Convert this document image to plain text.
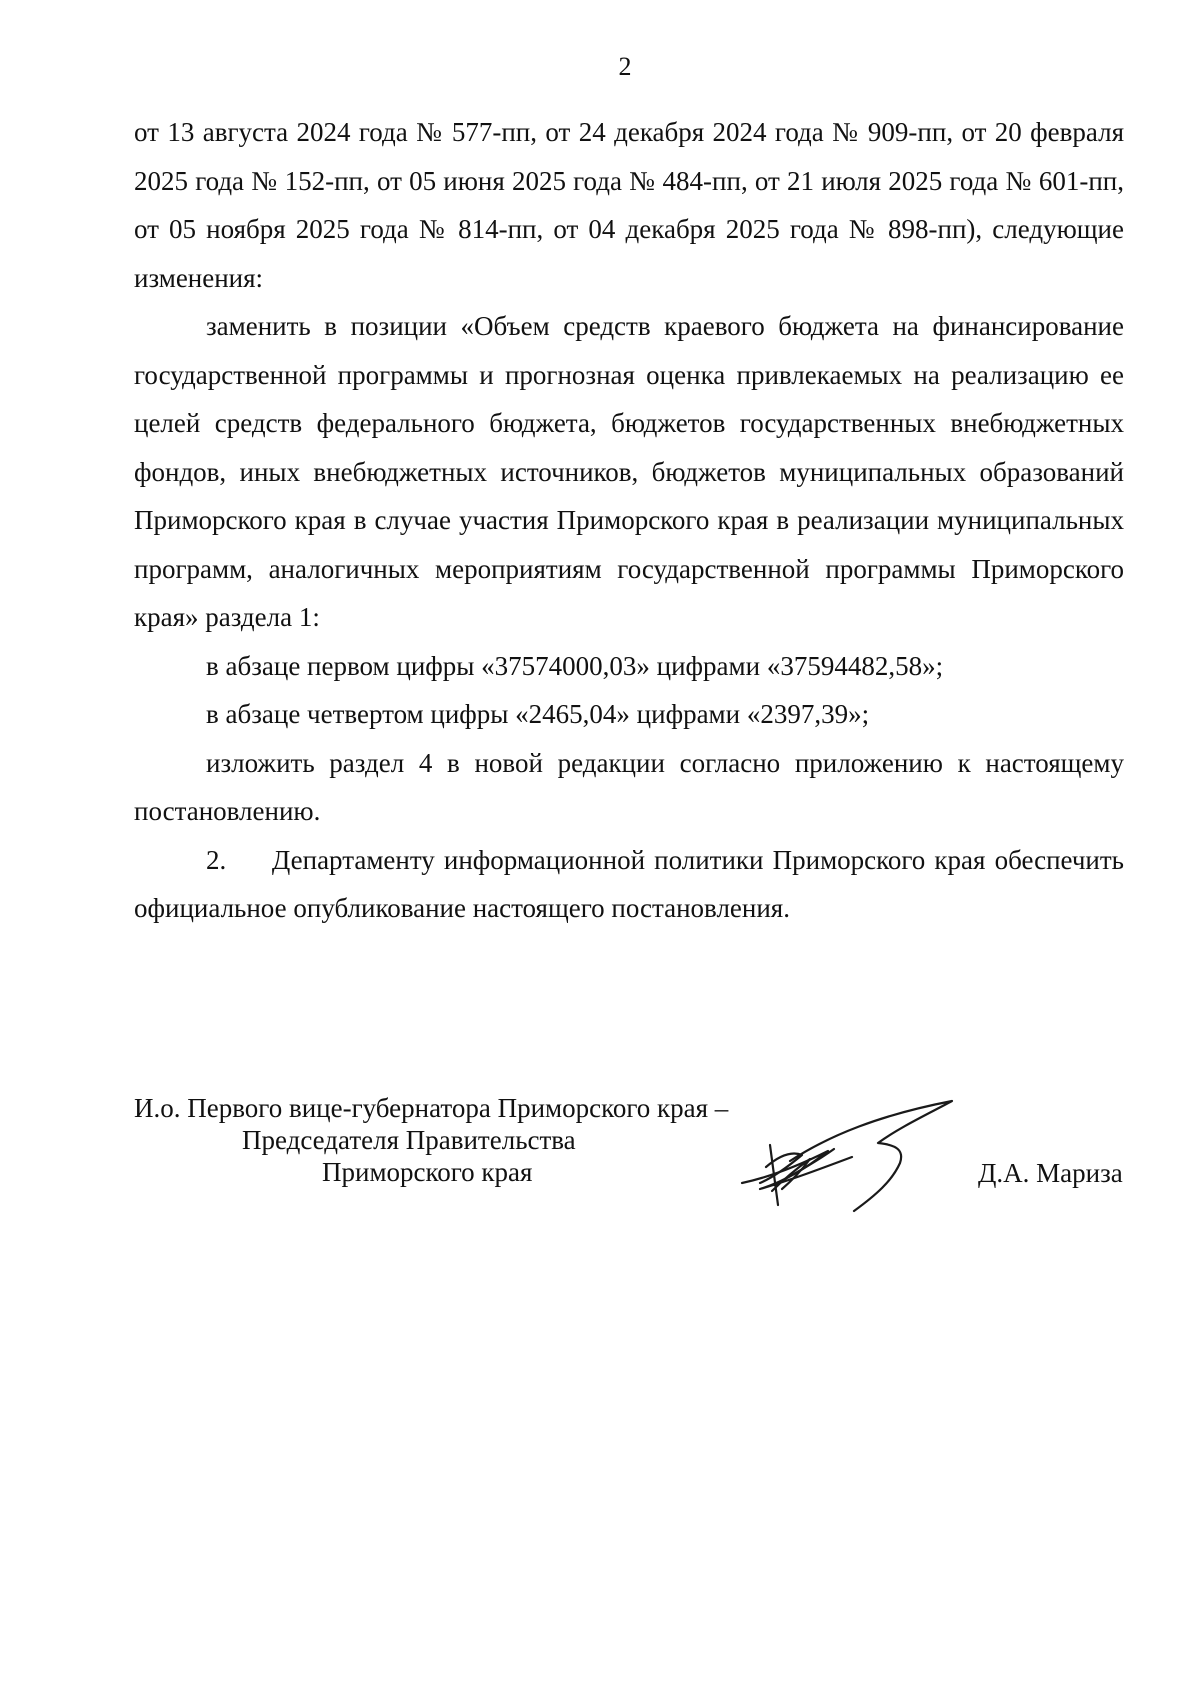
2

от 13 августа 2024 года № 577-пп, от 24 декабря 2024 года № 909-пп, от 20 февраля 2025 года № 152-пп, от 05 июня 2025 года № 484-пп, от 21 июля 2025 года № 601-пп, от 05 ноября 2025 года № 814-пп, от 04 декабря 2025 года № 898-пп), следующие изменения:

заменить в позиции «Объем средств краевого бюджета на финансирование государственной программы и прогнозная оценка привлекаемых на реализацию ее целей средств федерального бюджета, бюджетов государственных внебюджетных фондов, иных внебюджетных источников, бюджетов муниципальных образований Приморского края в случае участия Приморского края в реализации муниципальных программ, аналогичных мероприятиям государственной программы Приморского края» раздела 1:

в абзаце первом цифры «37574000,03» цифрами «37594482,58»;

в абзаце четвертом цифры «2465,04» цифрами «2397,39»;

изложить раздел 4 в новой редакции согласно приложению к настоящему постановлению.

2.     Департаменту информационной политики Приморского края обеспечить официальное опубликование настоящего постановления.

И.о. Первого вице-губернатора Приморского края –
Председателя Правительства
Приморского края	Д.А. Мариза
